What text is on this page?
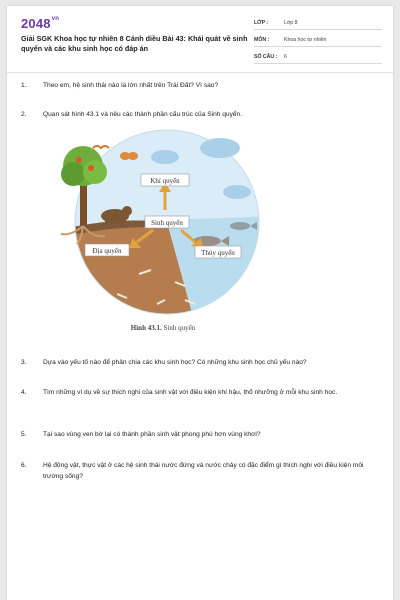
$2048^{vn}$
Giải SGK Khoa học tự nhiên 8 Cánh diều Bài 43: Khái quát về sinh quyển và các khu sinh học có đáp án
LỚP :	Lớp 8
MÔN :	Khoa học tự nhiên
SỐ CÂU :	6
1.	Theo em, hệ sinh thái nào là lớn nhất trên Trái Đất? Vì sao?
2.	Quan sát hình 43.1 và nêu các thành phần cấu trúc của Sinh quyển.
Khí quyển
Sinh quyển
Địa quyển	Thủy quyển
Hình 43.1. Sinh quyển
3.	Dựa vào yếu tố nào để phân chia các khu sinh học? Có những khu sinh học chủ yếu nào?
4.	Tìm những ví dụ về sự thích nghi của sinh vật với điều kiện khí hậu, thổ nhưỡng ở mỗi khu sinh học.
5.	Tại sao vùng ven bờ lại có thành phần sinh vật phong phú hơn vùng khơi?
6.	Hệ động vật, thực vật ở các hệ sinh thái nước đứng và nước chảy có đặc điểm gì thích nghi với điều kiện môi trường sống?
